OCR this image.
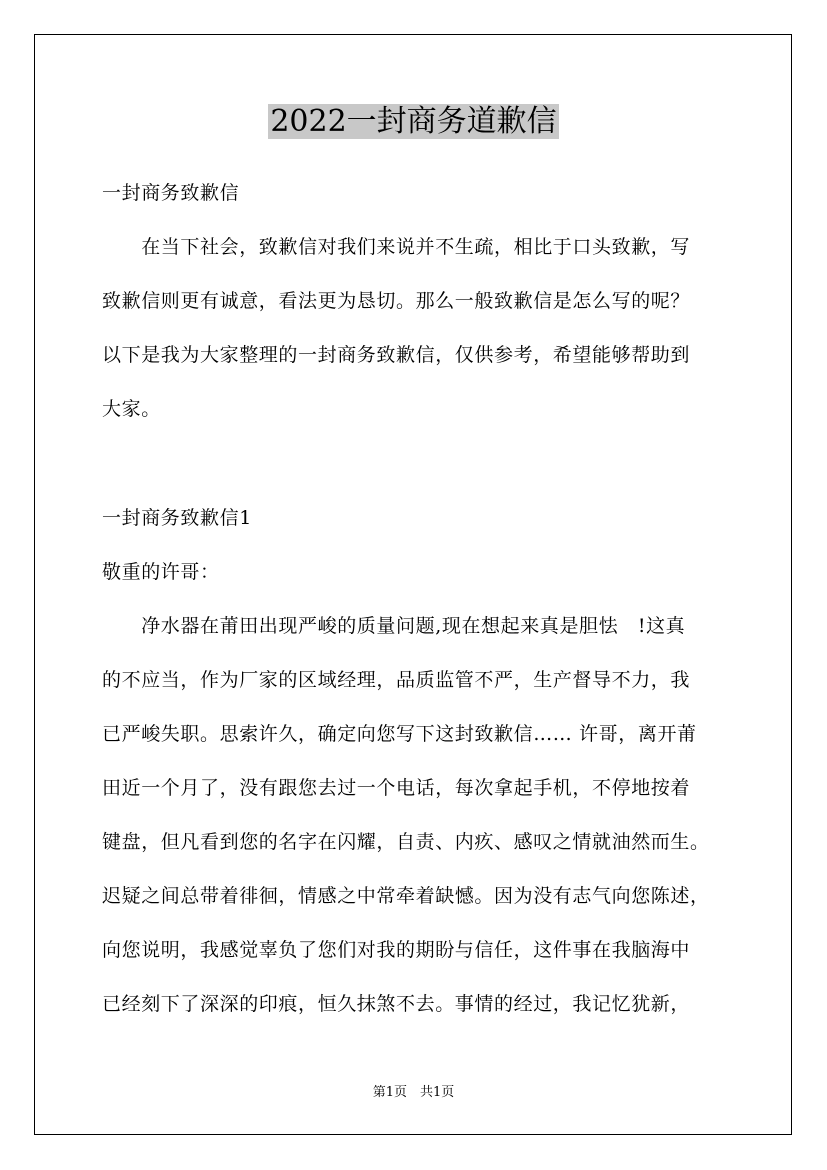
2022一封商务道歉信
一封商务致歉信
　　在当下社会，致歉信对我们来说并不生疏，相比于口头致歉，写
致歉信则更有诚意，看法更为恳切。那么一般致歉信是怎么写的呢？
以下是我为大家整理的一封商务致歉信，仅供参考，希望能够帮助到
大家。
一封商务致歉信1
敬重的许哥：
　　净水器在莆田出现严峻的质量问题,现在想起来真是胆怯　!这真
的不应当，作为厂家的区域经理，品质监管不严，生产督导不力，我
已严峻失职。思索许久，确定向您写下这封致歉信…… 许哥，离开莆
田近一个月了，没有跟您去过一个电话，每次拿起手机，不停地按着
键盘，但凡看到您的名字在闪耀，自责、内疚、感叹之情就油然而生。
迟疑之间总带着徘徊，情感之中常牵着缺憾。因为没有志气向您陈述，
向您说明，我感觉辜负了您们对我的期盼与信任，这件事在我脑海中
已经刻下了深深的印痕，恒久抹煞不去。事情的经过，我记忆犹新，
第1页　共1页
